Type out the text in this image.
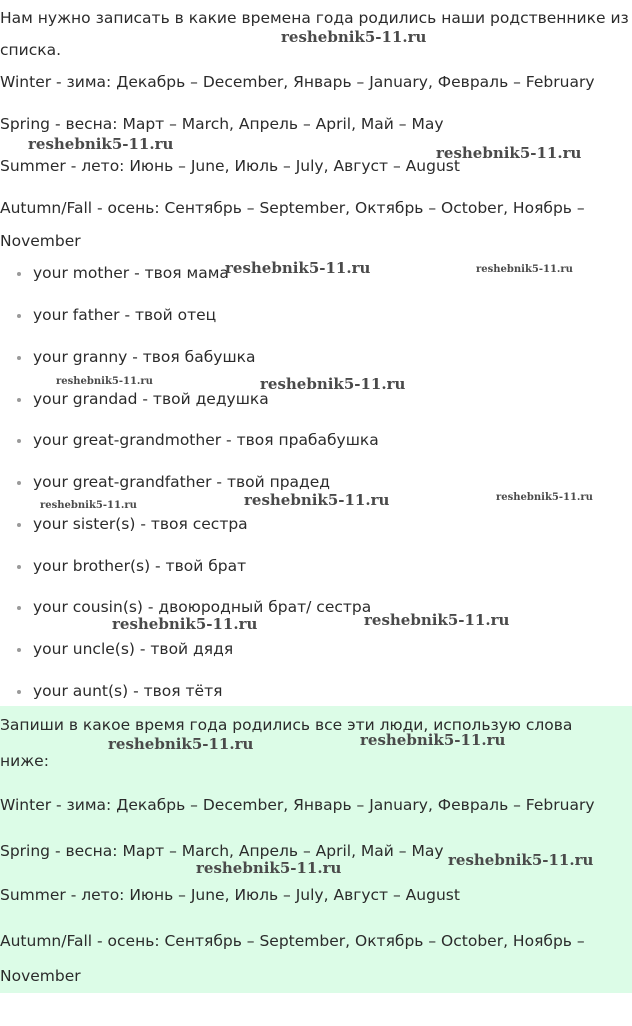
Нам нужно записать в какие времена года родились наши родственнике из
списка.
Winter - зима: Декабрь – December, Январь – January, Февраль – February
Spring - весна: Март – March, Апрель – April, Май – May
Summer - лето: Июнь – June, Июль – July, Август – August
Autumn/Fall - осень: Сентябрь – September, Октябрь – October, Ноябрь –
November
your mother - твоя мама
your father - твой отец
your granny - твоя бабушка
your grandad - твой дедушка
your great-grandmother - твоя прабабушка
your great-grandfather - твой прадед
your sister(s) - твоя сестра
your brother(s) - твой брат
your cousin(s) - двоюродный брат/ сестра
your uncle(s) - твой дядя
your aunt(s) - твоя тётя
Запиши в какое время года родились все эти люди, использую слова
ниже:
Winter - зима: Декабрь – December, Январь – January, Февраль – February
Spring - весна: Март – March, Апрель – April, Май – May
Summer - лето: Июнь – June, Июль – July, Август – August
Autumn/Fall - осень: Сентябрь – September, Октябрь – October, Ноябрь –
November
reshebnik5-11.ru
reshebnik5-11.ru	reshebnik5-11.ru
reshebnik5-11.ru	reshebnik5-11.ru
reshebnik5-11.ru	reshebnik5-11.ru
reshebnik5-11.ru
reshebnik5-11.ru
reshebnik5-11.ru
reshebnik5-11.ru
reshebnik5-11.ru
reshebnik5-11.ru
reshebnik5-11.ru
reshebnik5-11.ru
reshebnik5-11.ru
